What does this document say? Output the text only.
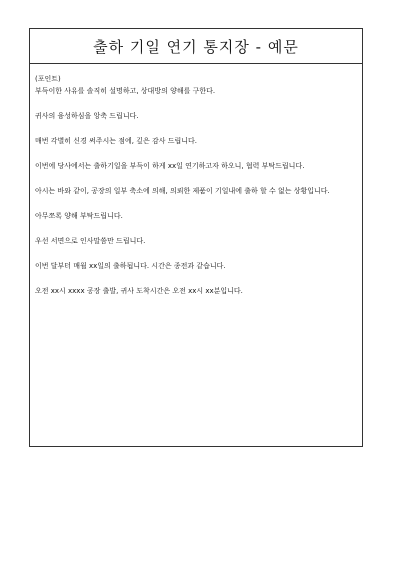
출하 기일 연기 통지장 - 예문

(포인트)

부득이한 사유를 솔직히 설명하고, 상대방의 양해를 구한다.

귀사의 융성하심을 앙축 드립니다.

매번 각별히 신경 써주시는 점에, 깊은 감사 드립니다.

이번에 당사에서는 출하기일을 부득이 하게 xx일 연기하고자 하오니, 협력 부탁드립니다.

아시는 바와 같이, 공장의 일부 축소에 의해, 의뢰한 제품이 기일내에 출하 할 수 없는 상황입니다.

아무쪼록 양해 부탁드립니다.

우선 서면으로 인사말씀만 드립니다.

이번 달부터 매월 xx일의 출하됩니다. 시간은 종전과 같습니다.

오전 xx시 xxxx 공장 출발, 귀사 도착시간은 오전 xx시 xx분입니다.
